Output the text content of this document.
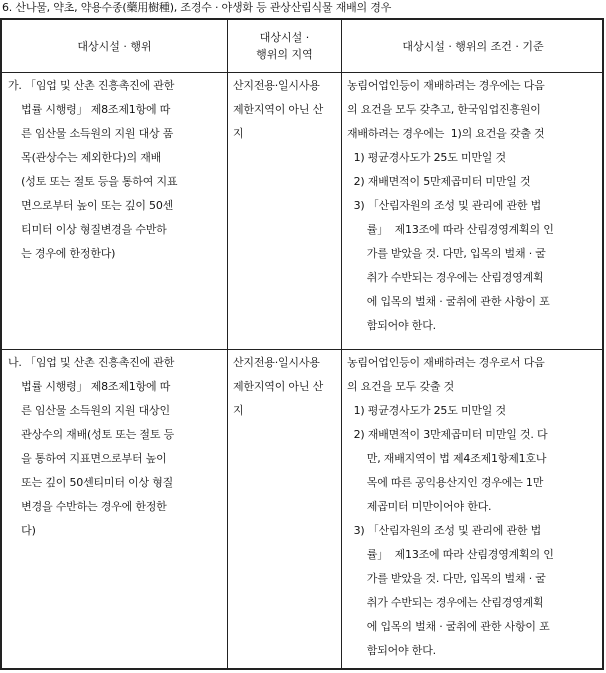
6. 산나물, 약초, 약용수종(藥用樹種), 조경수 · 야생화 등 관상산림식물 재배의 경우
대상시설 · 행위
대상시설 ·
행위의 지역
대상시설 · 행위의 조건 · 기준
가. 「임업 및 산촌 진흥촉진에 관한
법률 시행령」 제8조제1항에 따
른 임산물 소득원의 지원 대상 품
목(관상수는 제외한다)의 재배
(성토 또는 절토 등을 통하여 지표
면으로부터 높이 또는 깊이 50센
티미터 이상 형질변경을 수반하
는 경우에 한정한다)
산지전용·일시사용
제한지역이 아닌 산
지
농림어업인등이 재배하려는 경우에는 다음
의 요건을 모두 갖추고, 한국임업진흥원이
재배하려는 경우에는  1)의 요건을 갖출 것
1) 평균경사도가 25도 미만일 것
2) 재배면적이 5만제곱미터 미만일 것
3) 「산림자원의 조성 및 관리에 관한 법
률」  제13조에 따라 산림경영계획의 인
가를 받았을 것. 다만, 입목의 벌채 · 굴
취가 수반되는 경우에는 산림경영계획
에 입목의 벌채 · 굴취에 관한 사항이 포
함되어야 한다.
나. 「임업 및 산촌 진흥촉진에 관한
법률 시행령」 제8조제1항에 따
른 임산물 소득원의 지원 대상인
관상수의 재배(성토 또는 절토 등
을 통하여 지표면으로부터 높이
또는 깊이 50센티미터 이상 형질
변경을 수반하는 경우에 한정한
다)
산지전용·일시사용
제한지역이 아닌 산
지
농림어업인등이 재배하려는 경우로서 다음
의 요건을 모두 갖출 것
1) 평균경사도가 25도 미만일 것
2) 재배면적이 3만제곱미터 미만일 것. 다
만, 재배지역이 법 제4조제1항제1호나
목에 따른 공익용산지인 경우에는 1만
제곱미터 미만이어야 한다.
3) 「산림자원의 조성 및 관리에 관한 법
률」  제13조에 따라 산림경영계획의 인
가를 받았을 것. 다만, 입목의 벌채 · 굴
취가 수반되는 경우에는 산림경영계획
에 입목의 벌채 · 굴취에 관한 사항이 포
함되어야 한다.
